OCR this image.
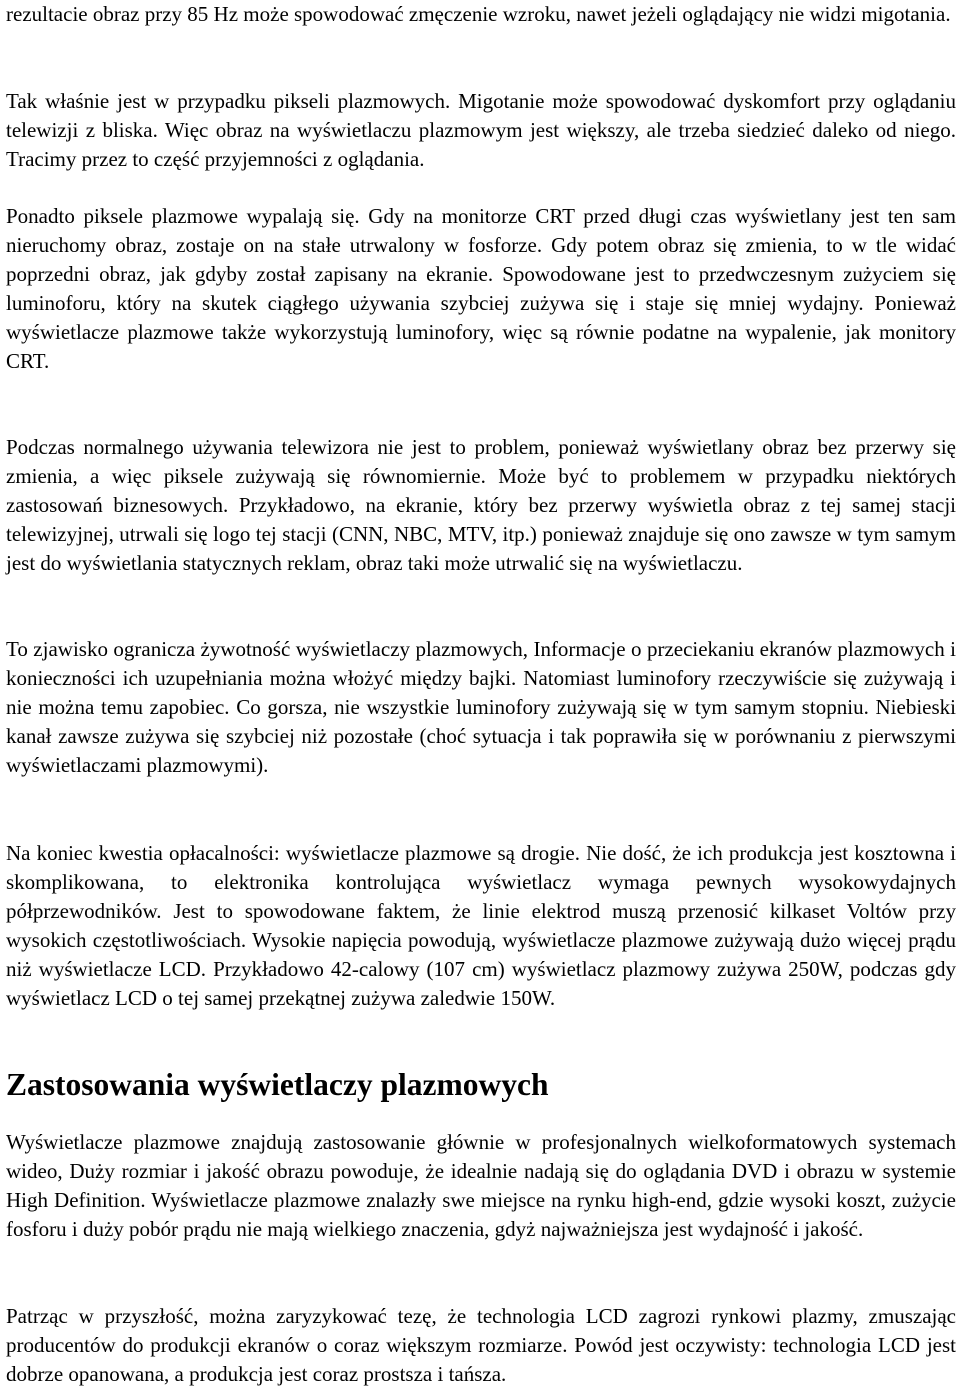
rezultacie obraz przy 85 Hz może spowodować zmęczenie wzroku, nawet jeżeli oglądający nie widzi migotania.

Tak właśnie jest w przypadku pikseli plazmowych. Migotanie może spowodować dyskomfort przy oglądaniu telewizji z bliska. Więc obraz na wyświetlaczu plazmowym jest większy, ale trzeba siedzieć daleko od niego. Tracimy przez to część przyjemności z oglądania.

Ponadto piksele plazmowe wypalają się. Gdy na monitorze CRT przed długi czas wyświetlany jest ten sam nieruchomy obraz, zostaje on na stałe utrwalony w fosforze. Gdy potem obraz się zmienia, to w tle widać poprzedni obraz, jak gdyby został zapisany na ekranie. Spowodowane jest to przedwczesnym zużyciem się luminoforu, który na skutek ciągłego używania szybciej zużywa się i staje się mniej wydajny. Ponieważ wyświetlacze plazmowe także wykorzystują luminofory, więc są równie podatne na wypalenie, jak monitory CRT.

Podczas normalnego używania telewizora nie jest to problem, ponieważ wyświetlany obraz bez przerwy się zmienia, a więc piksele zużywają się równomiernie. Może być to problemem w przypadku niektórych zastosowań biznesowych. Przykładowo, na ekranie, który bez przerwy wyświetla obraz z tej samej stacji telewizyjnej, utrwali się logo tej stacji (CNN, NBC, MTV, itp.) ponieważ znajduje się ono zawsze w tym samym jest do wyświetlania statycznych reklam, obraz taki może utrwalić się na wyświetlaczu.

To zjawisko ogranicza żywotność wyświetlaczy plazmowych, Informacje o przeciekaniu ekranów plazmowych i konieczności ich uzupełniania można włożyć między bajki. Natomiast luminofory rzeczywiście się zużywają i nie można temu zapobiec. Co gorsza, nie wszystkie luminofory zużywają się w tym samym stopniu. Niebieski kanał zawsze zużywa się szybciej niż pozostałe (choć sytuacja i tak poprawiła się w porównaniu z pierwszymi wyświetlaczami plazmowymi).

Na koniec kwestia opłacalności: wyświetlacze plazmowe są drogie. Nie dość, że ich produkcja jest kosztowna i skomplikowana, to elektronika kontrolująca wyświetlacz wymaga pewnych wysokowydajnych półprzewodników. Jest to spowodowane faktem, że linie elektrod muszą przenosić kilkaset Voltów przy wysokich częstotliwościach. Wysokie napięcia powodują, wyświetlacze plazmowe zużywają dużo więcej prądu niż wyświetlacze LCD. Przykładowo 42-calowy (107 cm) wyświetlacz plazmowy zużywa 250W, podczas gdy wyświetlacz LCD o tej samej przekątnej zużywa zaledwie 150W.

Zastosowania wyświetlaczy plazmowych

Wyświetlacze plazmowe znajdują zastosowanie głównie w profesjonalnych wielkoformatowych systemach wideo, Duży rozmiar i jakość obrazu powoduje, że idealnie nadają się do oglądania DVD i obrazu w systemie High Definition. Wyświetlacze plazmowe znalazły swe miejsce na rynku high-end, gdzie wysoki koszt, zużycie fosforu i duży pobór prądu nie mają wielkiego znaczenia, gdyż najważniejsza jest wydajność i jakość.

Patrząc w przyszłość, można zaryzykować tezę, że technologia LCD zagrozi rynkowi plazmy, zmuszając producentów do produkcji ekranów o coraz większym rozmiarze. Powód jest oczywisty: technologia LCD jest dobrze opanowana, a produkcja jest coraz prostsza i tańsza.
